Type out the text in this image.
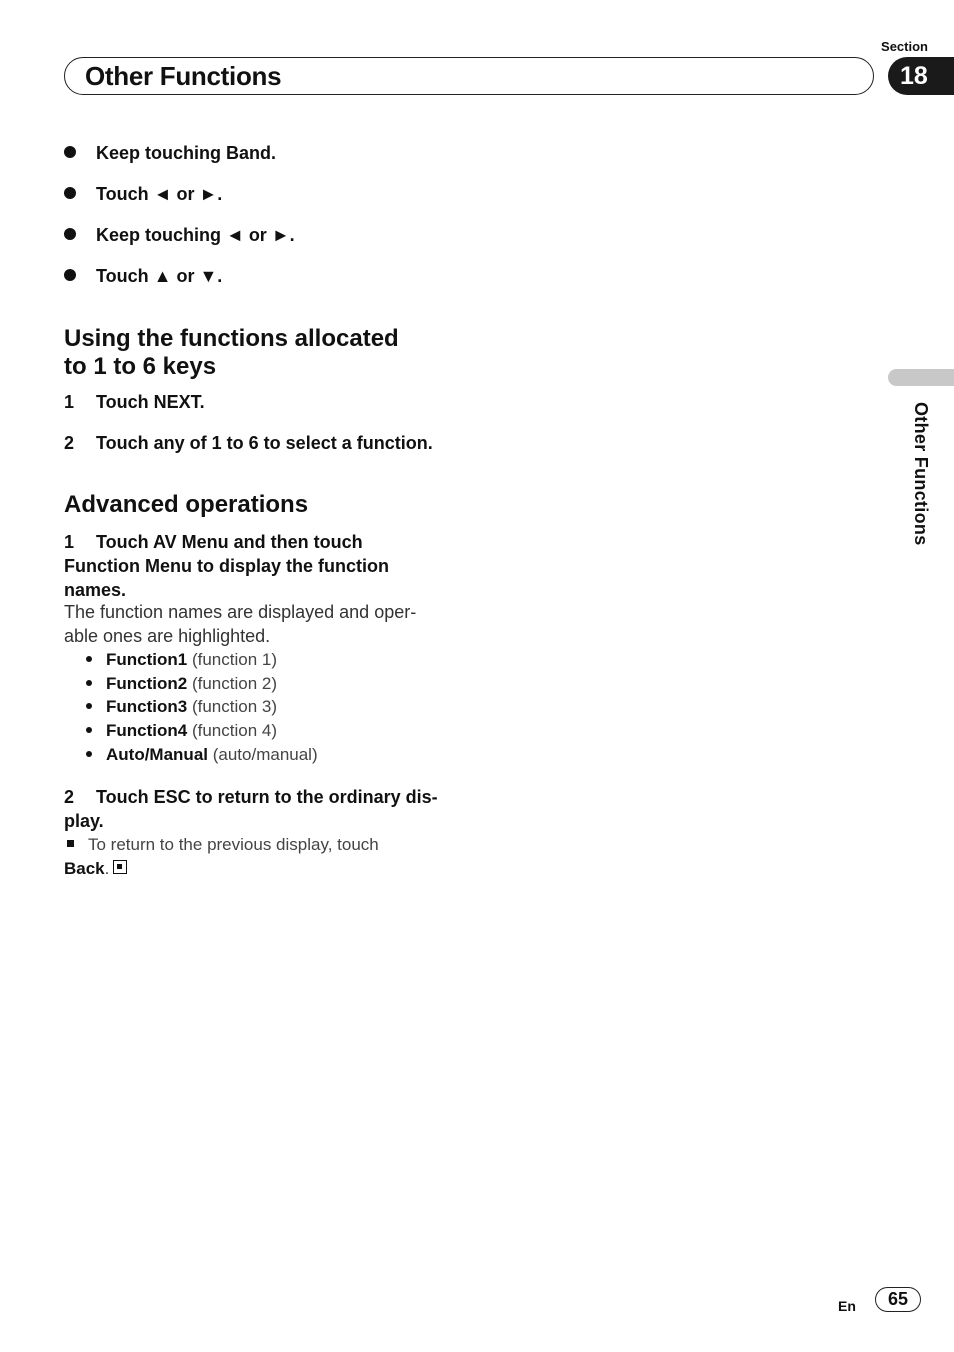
Section
Other Functions	18
Other Functions
Keep touching Band.
Touch ◄ or ►.
Keep touching ◄ or ►.
Touch ▲ or ▼.
Using the functions allocated
to 1 to 6 keys
1 Touch NEXT.
2 Touch any of 1 to 6 to select a function.
Advanced operations
1 Touch AV Menu and then touch
Function Menu to display the function
names.
The function names are displayed and oper-
able ones are highlighted.
Function1 (function 1)
Function2 (function 2)
Function3 (function 3)
Function4 (function 4)
Auto/Manual (auto/manual)
2 Touch ESC to return to the ordinary dis-
play.
To return to the previous display, touch
Back.
En	65
